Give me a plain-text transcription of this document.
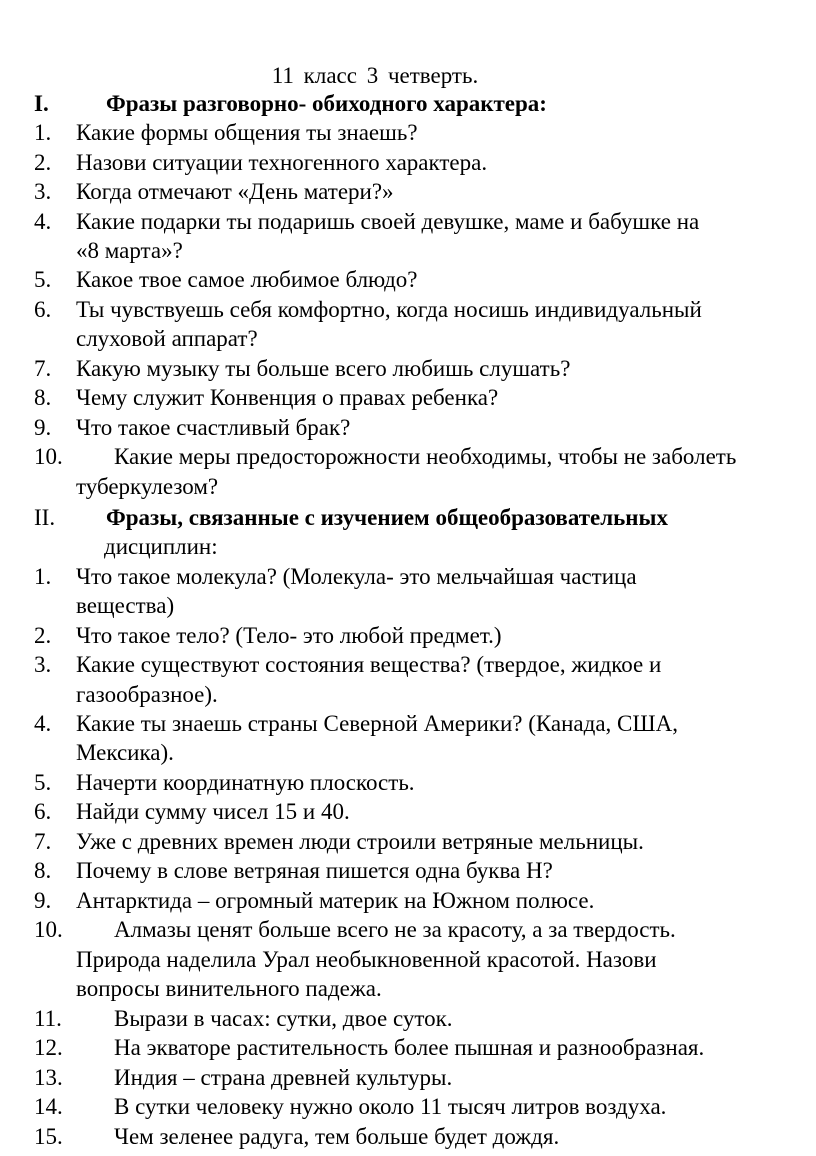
11 класс 3 четверть.
I. Фразы разговорно- обиходного характера:
1. Какие формы общения ты знаешь?
2. Назови ситуации техногенного характера.
3. Когда отмечают «День матери?»
4. Какие подарки ты подаришь своей девушке, маме и бабушке на
«8 марта»?
5. Какое твое самое любимое блюдо?
6. Ты чувствуешь себя комфортно, когда носишь индивидуальный
слуховой аппарат?
7. Какую музыку ты больше всего любишь слушать?
8. Чему служит Конвенция о правах ребенка?
9. Что такое счастливый брак?
10. Какие меры предосторожности необходимы, чтобы не заболеть
туберкулезом?
II. Фразы, связанные с изучением общеобразовательных
дисциплин:
1. Что такое молекула? (Молекула- это мельчайшая частица
вещества)
2. Что такое тело? (Тело- это любой предмет.)
3. Какие существуют состояния вещества? (твердое, жидкое и
газообразное).
4. Какие ты знаешь страны Северной Америки? (Канада, США,
Мексика).
5. Начерти координатную плоскость.
6. Найди сумму чисел 15 и 40.
7. Уже с древних времен люди строили ветряные мельницы.
8. Почему в слове ветряная пишется одна буква Н?
9. Антарктида – огромный материк на Южном полюсе.
10. Алмазы ценят больше всего не за красоту, а за твердость.
Природа наделила Урал необыкновенной красотой. Назови
вопросы винительного падежа.
11. Вырази в часах: сутки, двое суток.
12. На экваторе растительность более пышная и разнообразная.
13. Индия – страна древней культуры.
14. В сутки человеку нужно около 11 тысяч литров воздуха.
15. Чем зеленее радуга, тем больше будет дождя.
